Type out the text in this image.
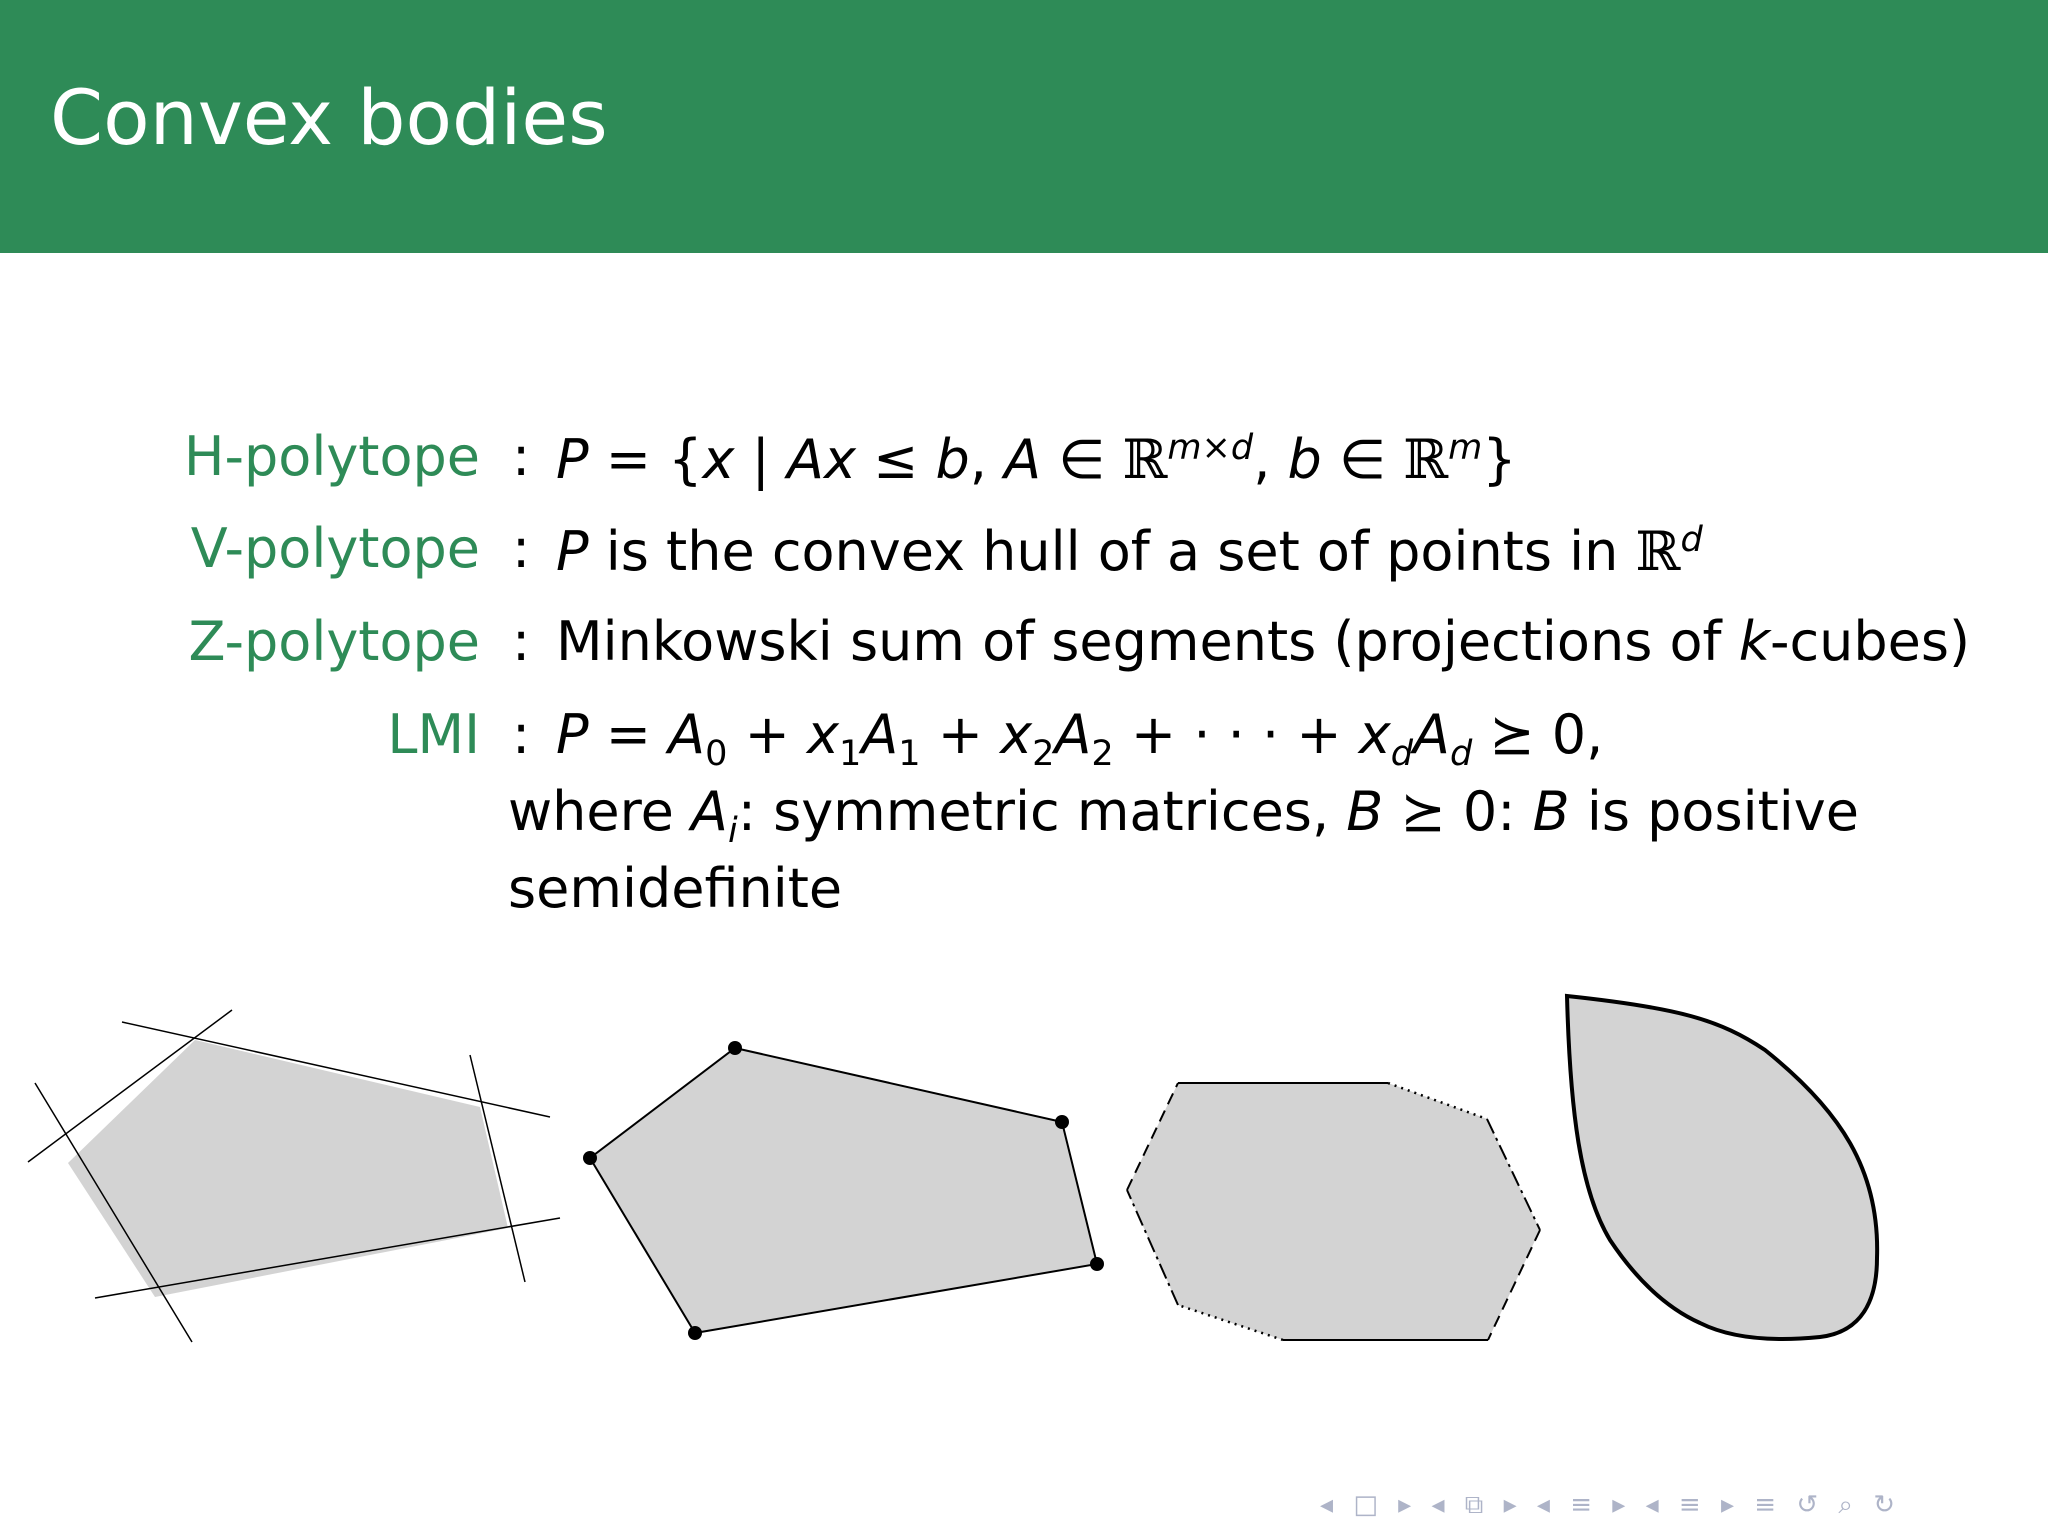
Convex bodies
H-polytope : P = {x | Ax ≤ b, A ∈ ℝ$^{m\times d}$, b ∈ ℝ$^m$}
V-polytope : P is the convex hull of a set of points in ℝ$^d$
Z-polytope : Minkowski sum of segments (projections of k-cubes)
LMI : $P = A_0 + x_1A_1 + x_2A_2$ + · · · + $x_dA_d$ ⪰ 0,
where $A_i$: symmetric matrices, B ⪰ 0: B is positive
semidefinite
◂ □ ▸ ◂ ⧉ ▸ ◂ ≡ ▸ ◂ ≡ ▸ ≡ ↺ ⌕ ↻
